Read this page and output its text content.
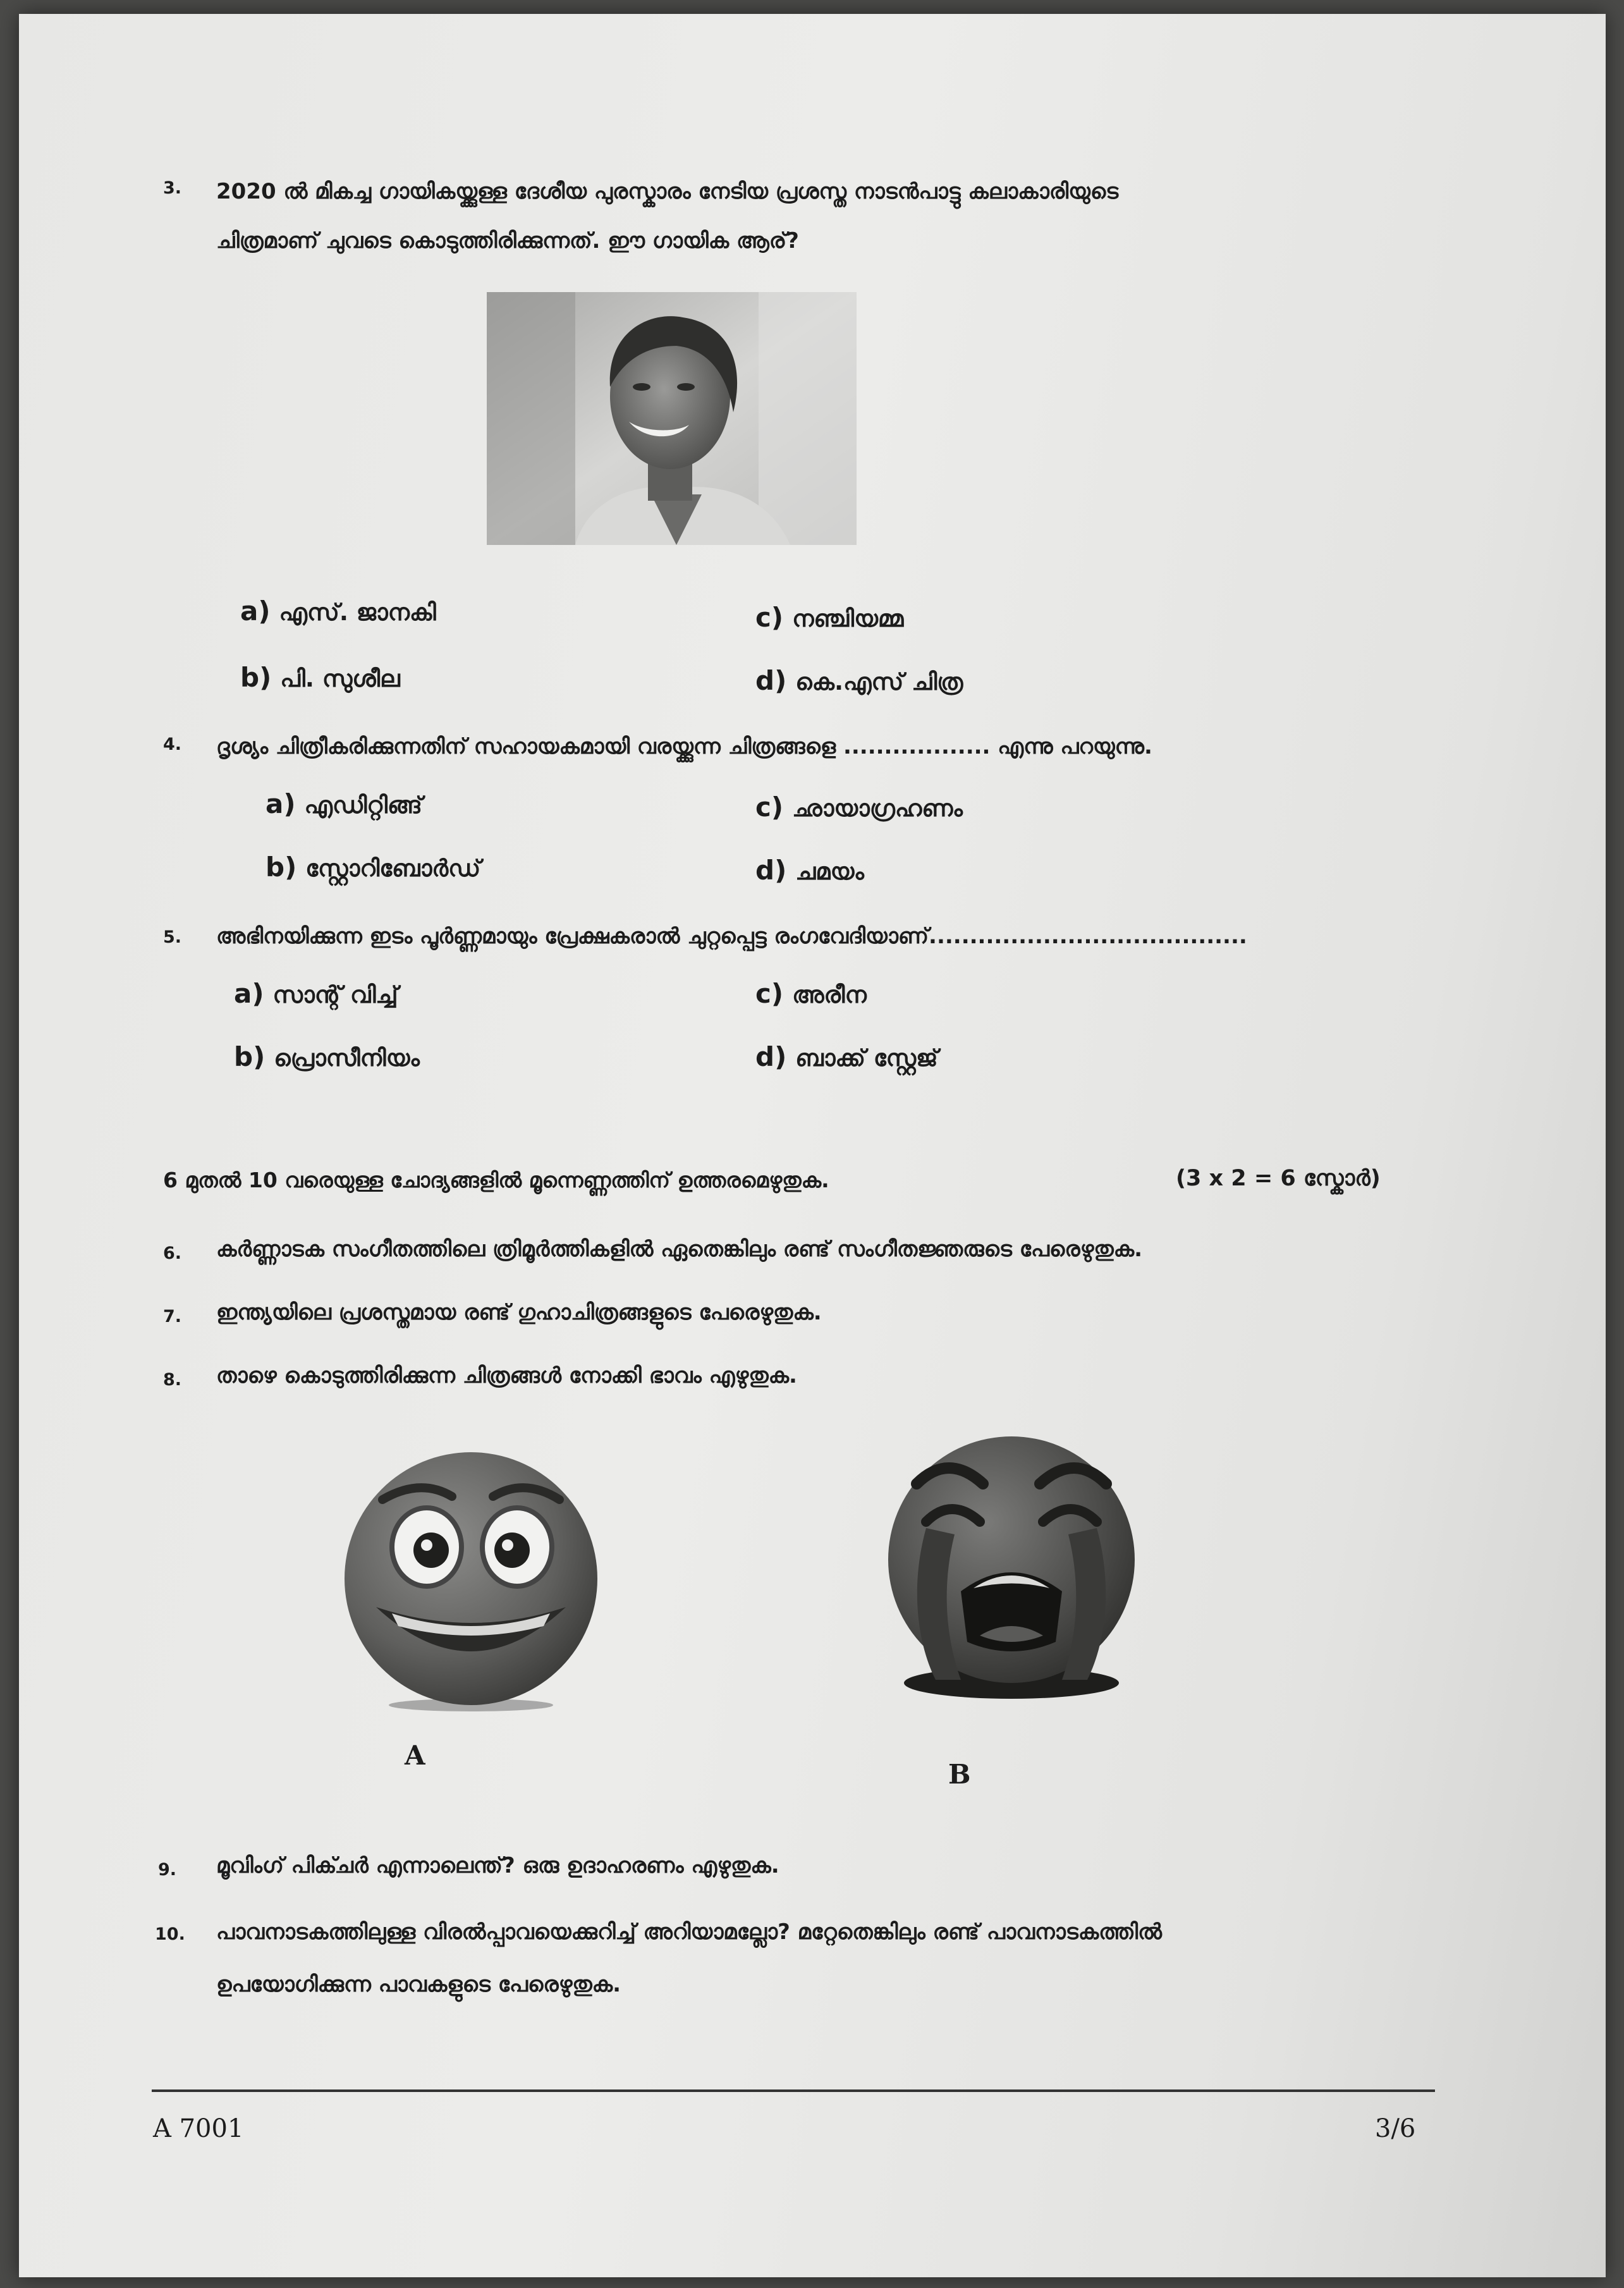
3. 2020 ൽ മികച്ച ഗായികയ്ക്കുള്ള ദേശീയ പുരസ്കാരം നേടിയ പ്രശസ്ത നാടൻപാട്ടു കലാകാരിയുടെ
ചിത്രമാണ് ചുവടെ കൊടുത്തിരിക്കുന്നത്. ഈ ഗായിക ആര്?
a) എസ്. ജാനകി
b) പി. സുശീല
c) നഞ്ചിയമ്മ
d) കെ.എസ് ചിത്ര
4. ദൃശ്യം ചിത്രീകരിക്കുന്നതിന് സഹായകമായി വരയ്ക്കുന്ന ചിത്രങ്ങളെ .................. എന്നു പറയുന്നു.
a) എഡിറ്റിങ്ങ്
b) സ്റ്റോറിബോർഡ്
c) ഛായാഗ്രഹണം
d) ചമയം
5. അഭിനയിക്കുന്ന ഇടം പൂർണ്ണമായും പ്രേക്ഷകരാൽ ചുറ്റപ്പെട്ട രംഗവേദിയാണ്.......................................
a) സാന്റ് വിച്ച്
b) പ്രൊസീനിയം
c) അരീന
d) ബാക്ക് സ്റ്റേജ്
6 മുതൽ 10 വരെയുള്ള ചോദ്യങ്ങളിൽ മൂന്നെണ്ണത്തിന് ഉത്തരമെഴുതുക.	(3 x 2 = 6 സ്കോർ)
6. കർണ്ണാടക സംഗീതത്തിലെ ത്രിമൂർത്തികളിൽ ഏതെങ്കിലും രണ്ട് സംഗീതജ്ഞരുടെ പേരെഴുതുക.
7. ഇന്ത്യയിലെ പ്രശസ്തമായ രണ്ട് ഗുഹാചിത്രങ്ങളുടെ പേരെഴുതുക.
8. താഴെ കൊടുത്തിരിക്കുന്ന ചിത്രങ്ങൾ നോക്കി ഭാവം എഴുതുക.
A
B
9. മൂവിംഗ് പിക്ചർ എന്നാലെന്ത്? ഒരു ഉദാഹരണം എഴുതുക.
10. പാവനാടകത്തിലുള്ള വിരൽപ്പാവയെക്കുറിച്ച് അറിയാമല്ലോ? മറ്റേതെങ്കിലും രണ്ട് പാവനാടകത്തിൽ
ഉപയോഗിക്കുന്ന പാവകളുടെ പേരെഴുതുക.
A 7001	3/6
